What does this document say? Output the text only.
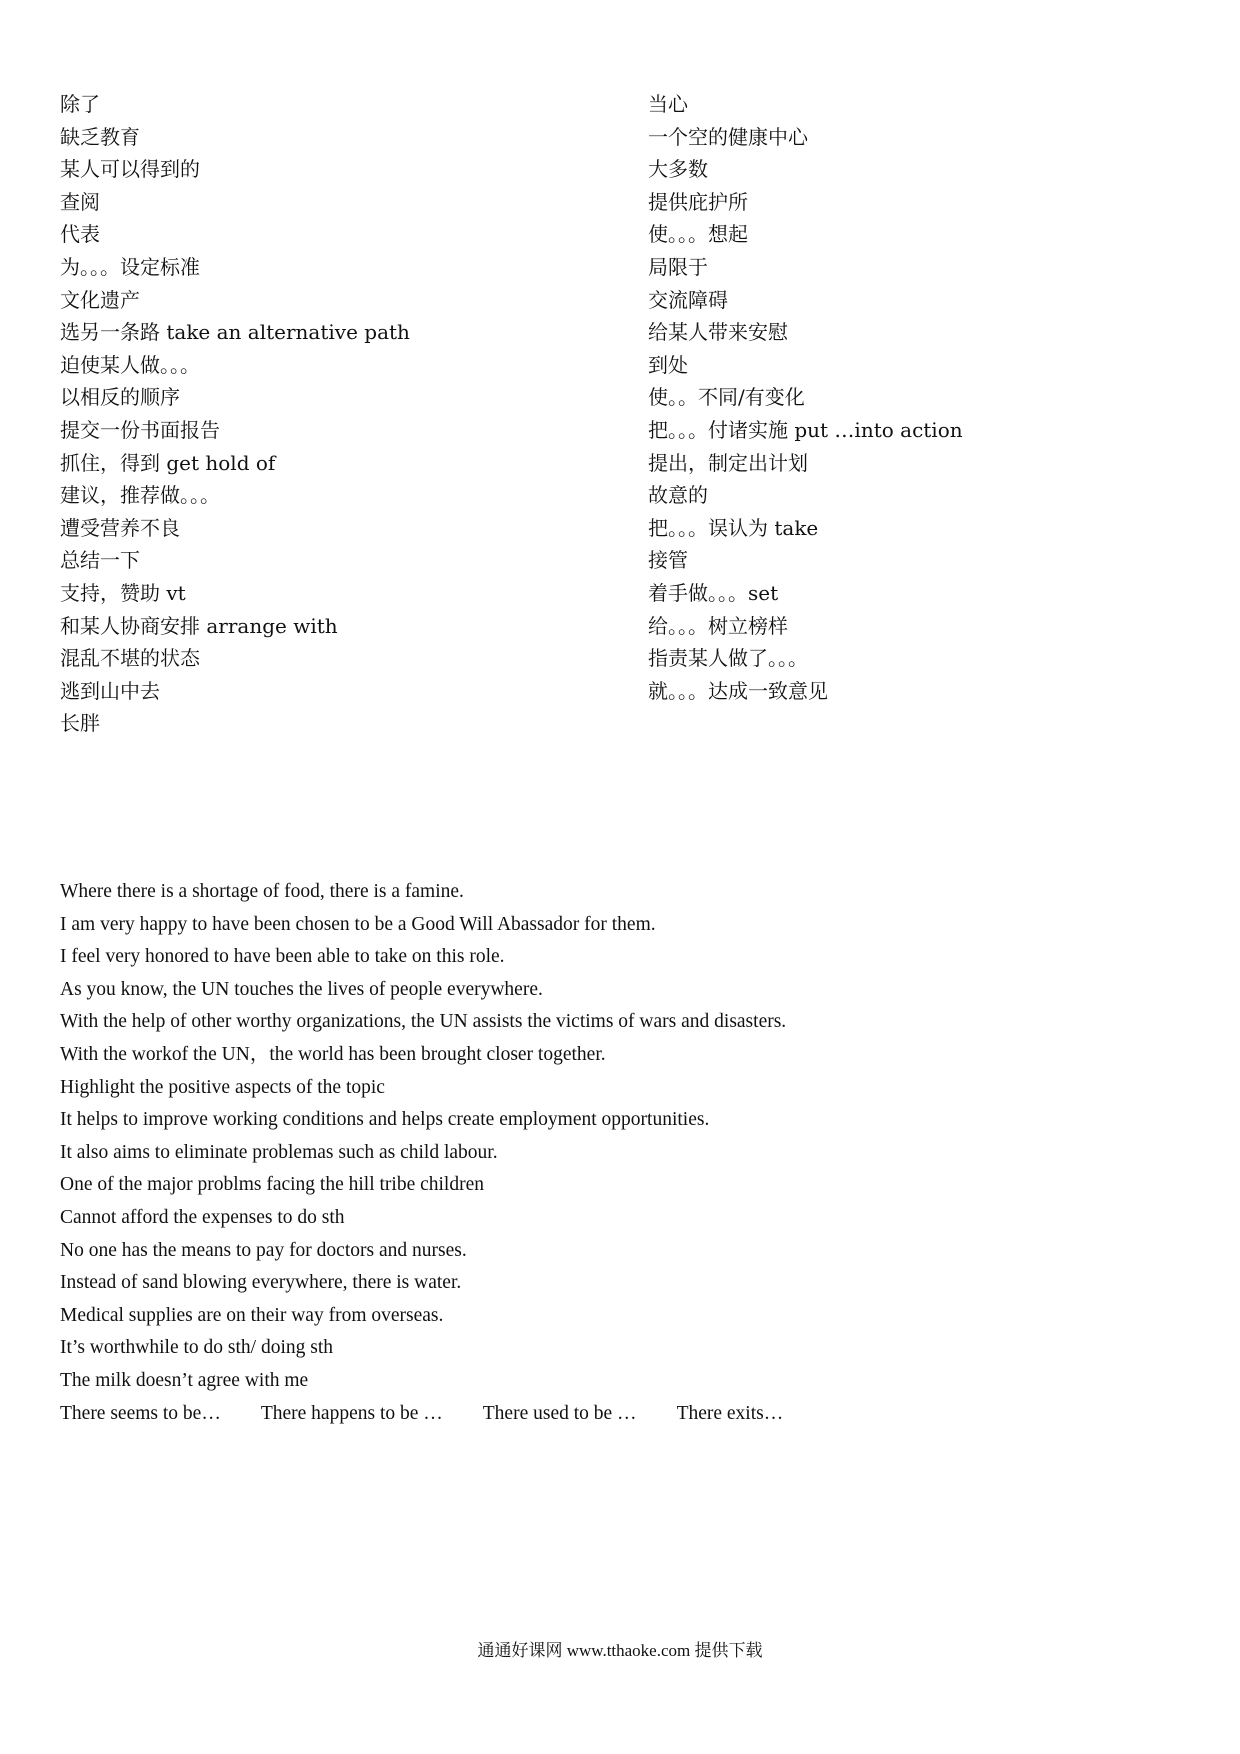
除了
缺乏教育
某人可以得到的
查阅
代表
为。。。设定标准
文化遗产
选另一条路 take an alternative path
迫使某人做。。。
以相反的顺序
提交一份书面报告
抓住，得到 get hold of
建议，推荐做。。。
遭受营养不良
总结一下
支持，赞助 vt
和某人协商安排 arrange with
混乱不堪的状态
逃到山中去
长胖
当心
一个空的健康中心
大多数
提供庇护所
使。。。想起
局限于
交流障碍
给某人带来安慰
到处
使。。不同/有变化
把。。。付诸实施 put …into action
提出，制定出计划
故意的
把。。。误认为 take
接管
着手做。。。set
给。。。树立榜样
指责某人做了。。。
就。。。达成一致意见
Where there is a shortage of food, there is a famine.
I am very happy to have been chosen to be a Good Will Abassador for them.
I feel very honored to have been able to take on this role.
As you know, the UN touches the lives of people everywhere.
With the help of other worthy organizations, the UN assists the victims of wars and disasters.
With the workof the UN，the world has been brought closer together.
Highlight the positive aspects of the topic
It helps to improve working conditions and helps create employment opportunities.
It also aims to eliminate problemas such as child labour.
One of the major problms facing the hill tribe children
Cannot afford the expenses to do sth
No one has the means to pay for doctors and nurses.
Instead of sand blowing everywhere, there is water.
Medical supplies are on their way from overseas.
It’s worthwhile to do sth/ doing sth
The milk doesn’t agree with me
There seems to be… There happens to be … There used to be … There exits…
通通好课网 www.tthaoke.com 提供下载
